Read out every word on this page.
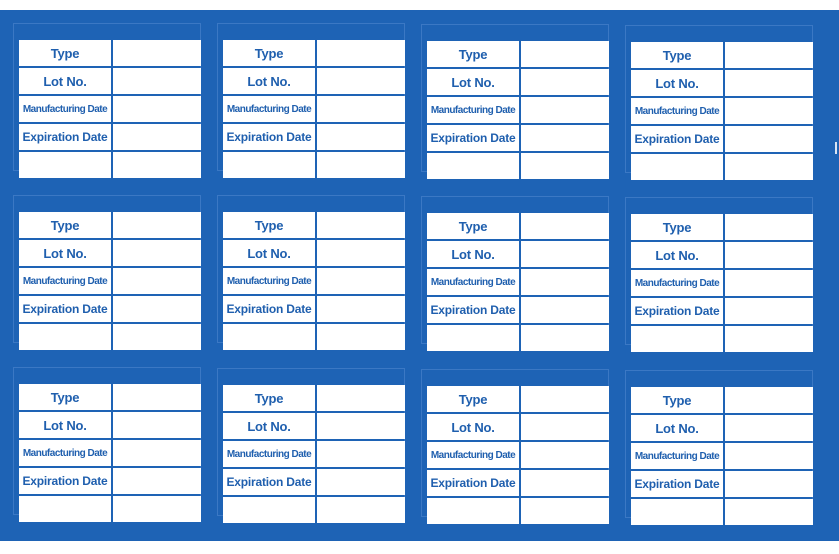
Type	
Lot No.	
Manufacturing Date	
Expiration Date	

Type	
Lot No.	
Manufacturing Date	
Expiration Date	

Type	
Lot No.	
Manufacturing Date	
Expiration Date	

Type	
Lot No.	
Manufacturing Date	
Expiration Date	

Type	
Lot No.	
Manufacturing Date	
Expiration Date	

Type	
Lot No.	
Manufacturing Date	
Expiration Date	

Type	
Lot No.	
Manufacturing Date	
Expiration Date	

Type	
Lot No.	
Manufacturing Date	
Expiration Date	

Type	
Lot No.	
Manufacturing Date	
Expiration Date	

Type	
Lot No.	
Manufacturing Date	
Expiration Date	

Type	
Lot No.	
Manufacturing Date	
Expiration Date	

Type	
Lot No.	
Manufacturing Date	
Expiration Date	
